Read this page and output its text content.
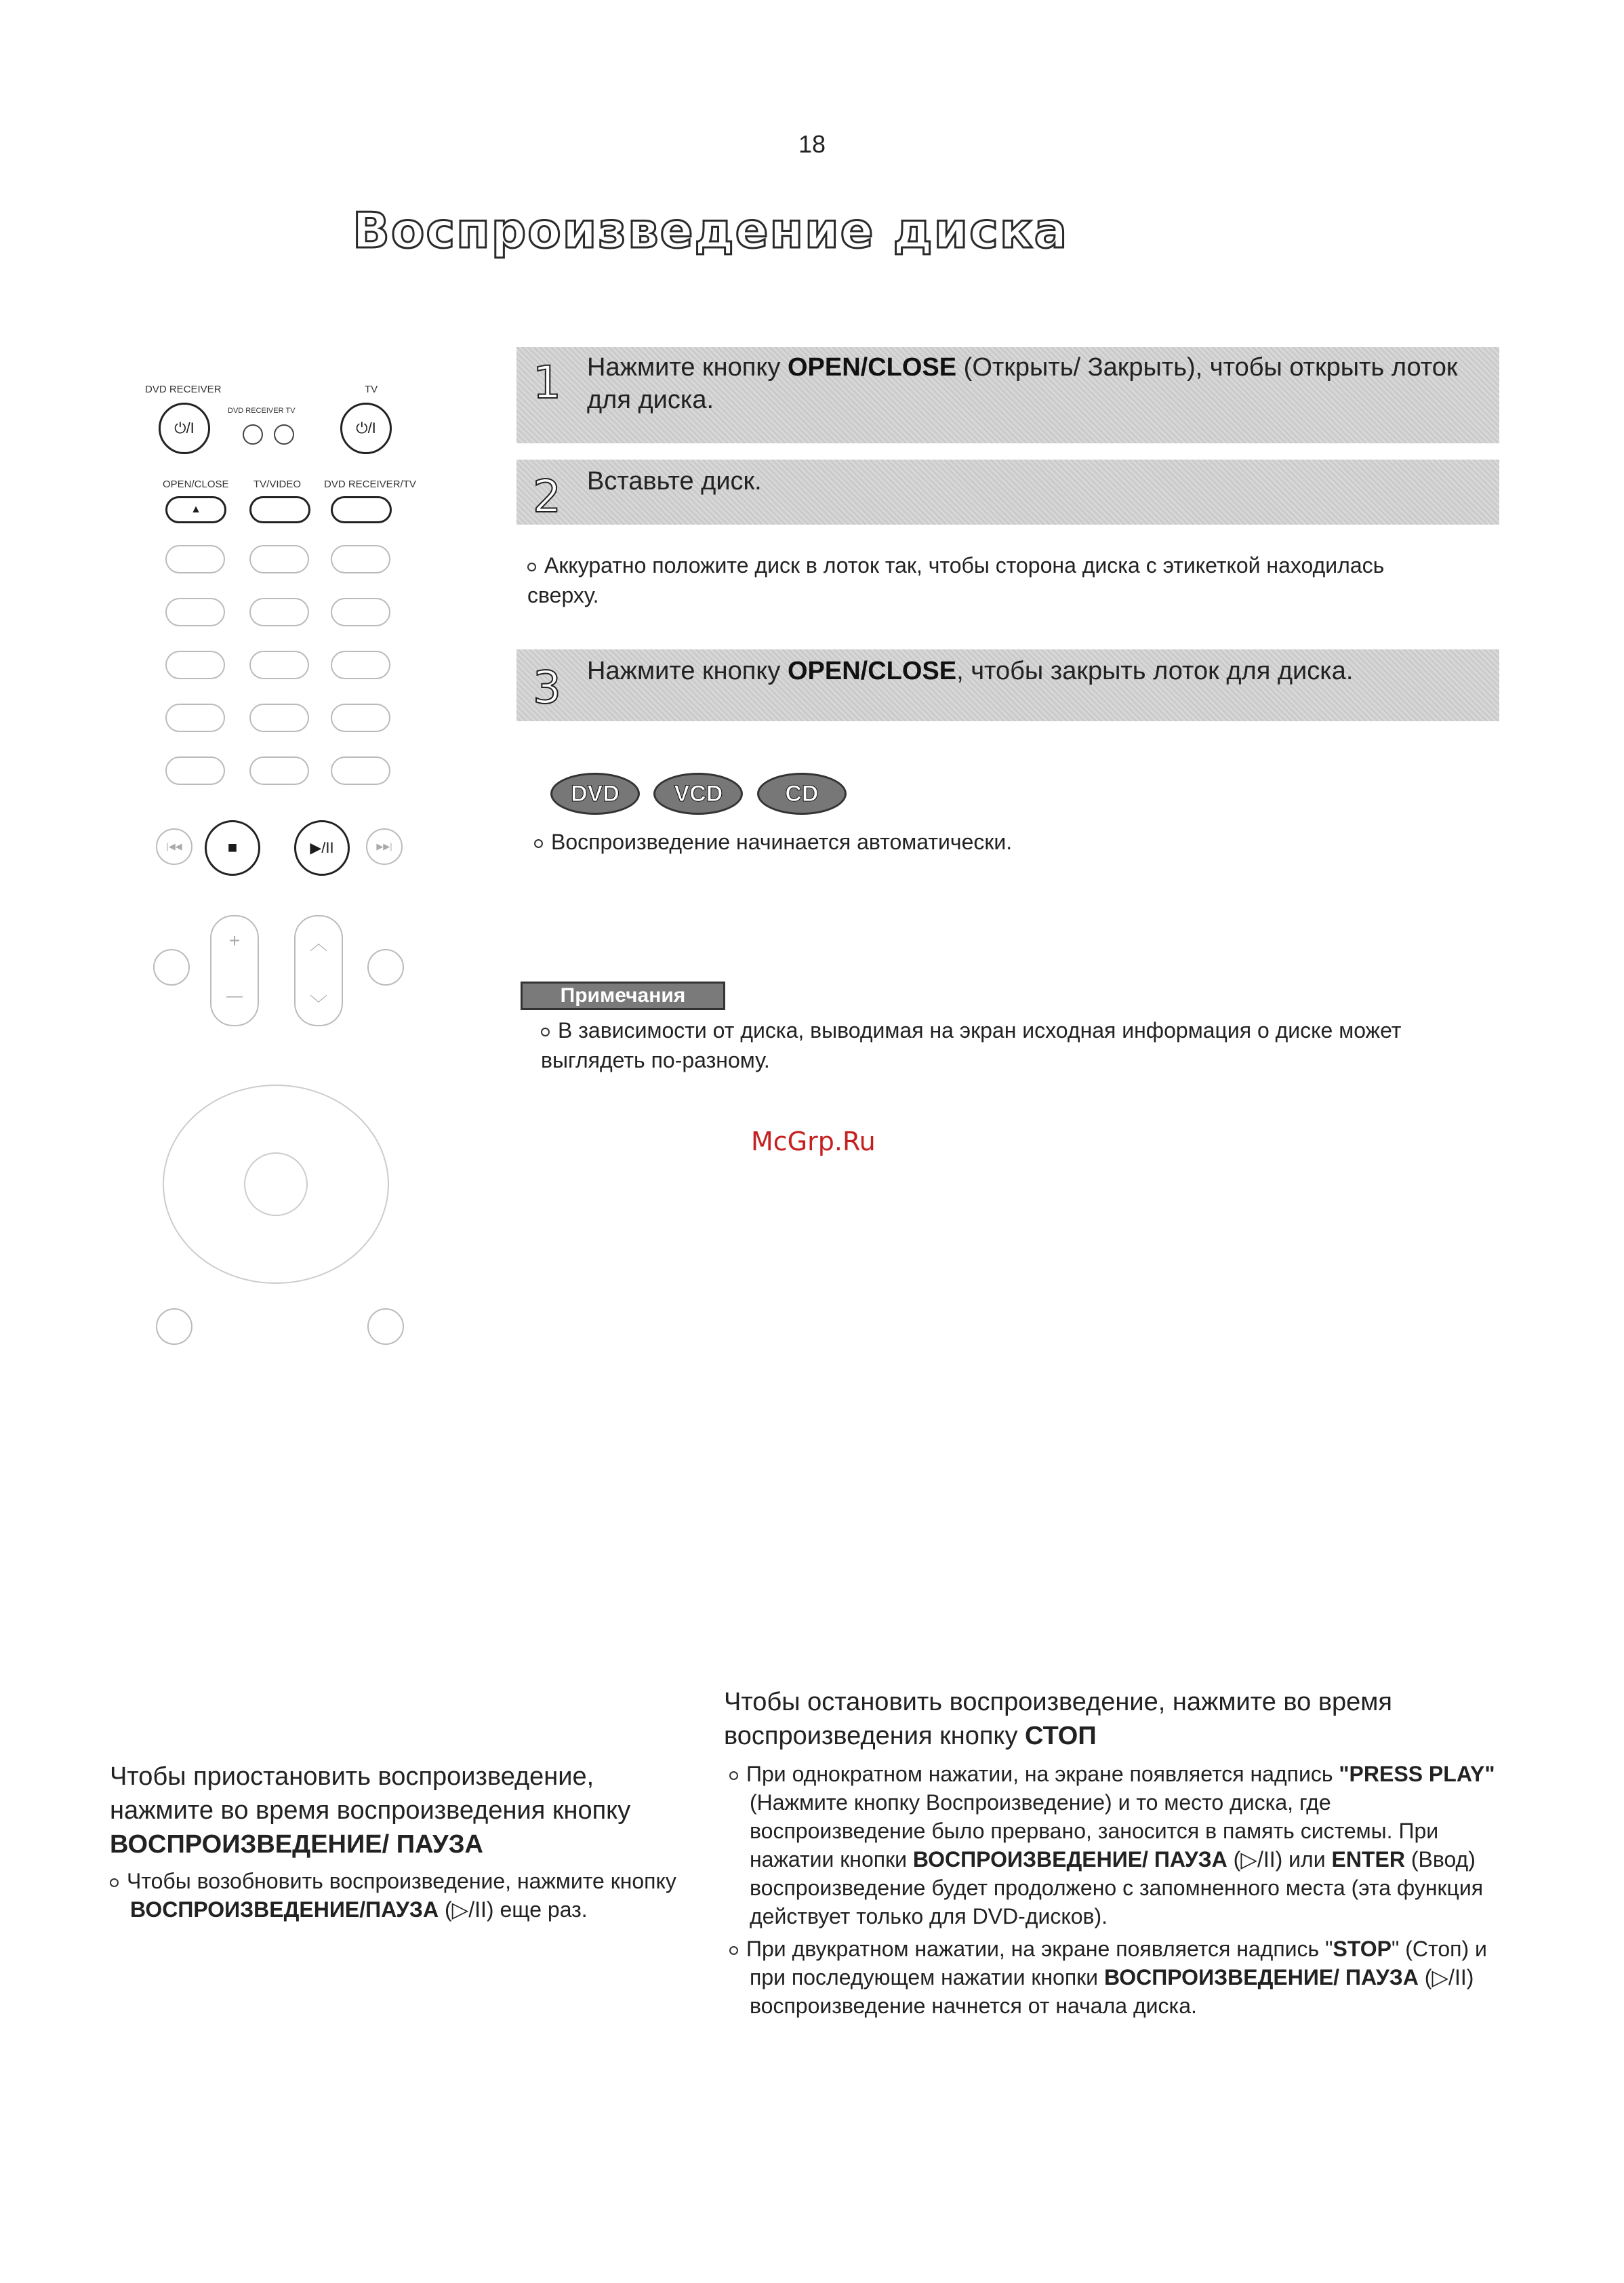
18
Воспроизведение диска
DVD RECEIVER	TV
⏻/I
DVD RECEIVER TV
⏻/I
OPEN/CLOSE TV/VIDEO DVD RECEIVER/TV
▲
|◀◀	■	▶/II	▶▶|
+
—
︿
﹀
1 Нажмите кнопку OPEN/CLOSE (Открыть/ Закрыть), чтобы открыть лоток для диска.
2 Вставьте диск.
Аккуратно положите диск в лоток так, чтобы сторона диска с этикеткой находилась сверху.
3 Нажмите кнопку OPEN/CLOSE, чтобы закрыть лоток для диска.
DVD VCD	CD
Воспроизведение начинается автоматически.
Примечания
В зависимости от диска, выводимая на экран исходная информация о диске может выглядеть по-разному.
McGrp.Ru
Чтобы приостановить воспроизведение, нажмите во время воспроизведения кнопку ВОСПРОИЗВЕДЕНИЕ/ ПАУЗА
Чтобы возобновить воспроизведение, нажмите кнопку ВОСПРОИЗВЕДЕНИЕ/ПАУЗА (▷/II) еще раз.
Чтобы остановить воспроизведение, нажмите во время воспроизведения кнопку СТОП
При однократном нажатии, на экране появляется надпись "PRESS PLAY" (Нажмите кнопку Воспроизведение) и то место диска, где воспроизведение было прервано, заносится в память системы. При нажатии кнопки ВОСПРОИЗВЕДЕНИЕ/ ПАУЗА (▷/II) или ENTER (Ввод) воспроизведение будет продолжено с запомненного места (эта функция действует только для DVD-дисков).
При двукратном нажатии, на экране появляется надпись "STOP" (Стоп) и при последующем нажатии кнопки ВОСПРОИЗВЕДЕНИЕ/ ПАУЗА (▷/II) воспроизведение начнется от начала диска.
